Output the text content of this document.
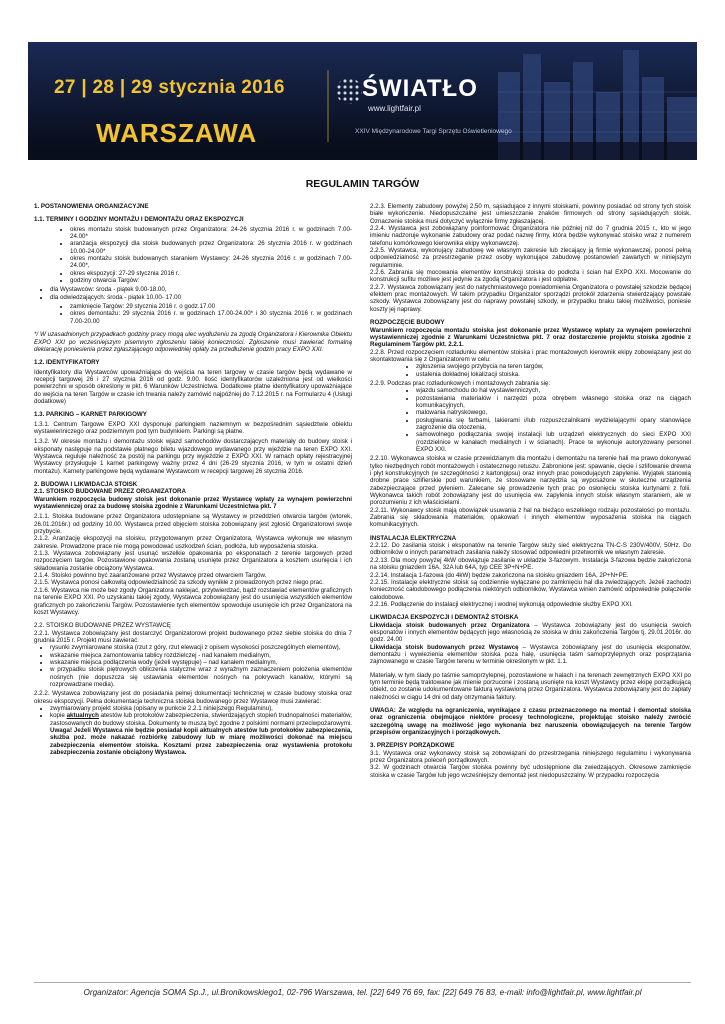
27 | 28 | 29 stycznia 2016
WARSZAWA
ŚWIATŁO
www.lightfair.pl
XXIV Międzynarodowe Targi Sprzętu Oświetleniowego
REGULAMIN TARGÓW

1. POSTANOWIENIA ORGANIZACYJNE

1.1. TERMINY I GODZINY MONTAŻU I DEMONTAŻU ORAZ EKSPOZYCJI

• okres montażu stoisk budowanych przez Organizatora: 24-26 stycznia 2016 r. w godzinach 7.00-24.00*
• aranżacja ekspozycji dla stoisk budowanych przez Organizatora: 26 stycznia 2016 r. w godzinach 10.00-24.00*
• okres montażu stoisk budowanych staraniem Wystawcy: 24-26 stycznia 2016 r. w godzinach 7.00-24.00*,
• okres ekspozycji: 27-29 stycznia 2016 r.
• godziny otwarcia Targów:
• dla Wystawców: środa - piątek 9.00-18.00,
• dla odwiedzających: środa - piątek 10.00- 17.00
• zamknięcie Targów: 29 stycznia 2016 r. o godz.17.00
• okres demontażu: 29 stycznia 2016 r. w godzinach 17.00-24.00* i 30 stycznia 2016 r. w godzinach 7.00-20.00

*/ W uzasadnionych przypadkach godziny pracy mogą ulec wydłużeniu za zgodą Organizatora i Kierownika Obiektu EXPO XXI po wcześniejszym pisemnym zgłoszeniu takiej konieczności. Zgłoszenie musi zawierać formalną deklarację poniesienia przez zgłaszającego odpowiedniej opłaty za przedłużenie godzin pracy EXPO XXI.

1.2. IDENTYFIKATORY

Identyfikatory dla Wystawców upoważniające do wejścia na teren targowy w czasie targów będą wydawane w recepcji targowej 26 i 27 stycznia 2016 od godz. 9.00. Ilość identyfikatorów uzależniona jest od wielkości powierzchni w sposób określony w pkt. 6 Warunków Uczestnictwa. Dodatkowe platne identyfikatory upoważniające do wejścia na teren Targów w czasie ich trwania należy zamówić najpóźniej do 7.12.2015 r. na Formularzu 4 (Usługi dodatkowe)

1.3. PARKING – KARNET PARKIGOWY

1.3.1. Centrum Targowe EXPO XXI dysponuje parkingiem naziemnym w bezpośrednim sąsiedztwie obiektu wystawienniczego oraz podziemnym pod tym budynkiem. Parkingi są płatne.

1.3.2. W okresie montażu i demontażu stoisk wjazd samochodów dostarczających materiały do budowy stoisk i eksponaty następuje na podstawie płatnego biletu wjazdowego wydawanego przy wjeździe na teren EXPO XXI. Wystawca reguluje należność za postój na parkingu przy wyjeździe z EXPO XXI. W ramach opłaty rejestracyjnej Wystawcy przysługuje 1 karnet parkingowy ważny przez 4 dni (26-29 stycznia 2016, w tym w ostatni dzień montażu). Karnety parkingowe będą wydawane Wystawcom w recepcji targowej 26 stycznia 2016.

2. BUDOWA I LIKWIDACJA STOISK

2.1. STOISKO BUDOWANE PRZEZ ORGANIZATORA

Warunkiem rozpoczęcia budowy stoisk jest dokonanie przez Wystawcę wpłaty za wynajem powierzchni wystawienniczej oraz za budowę stoiska zgodnie z Warunkami Uczestnictwa pkt. 7

2.1.1. Stoiska budowane przez Organizatora udostępniane są Wystawcy w przeddzień otwarcia targów (wtorek, 26.01.2016r.) od godziny 10.00. Wystawca przed objęciem stoiska zobowiązany jest zgłosić Organizatorowi swoje przybycie.

2.1.2. Aranżację ekspozycji na stoisku, przygotowanym przez Organizatora, Wystawca wykonuje we własnym zakresie. Prowadzone prace nie mogą powodować uszkodzeń ścian, podłoża, lub wyposażenia stoiska.

2.1.3. Wystawca zobowiązany jest usunąć wszelkie opakowania po eksponatach z terenie targowych przed rozpoczęciem targów. Pozostawione opakowania zostaną usunięte przez Organizatora a kosztem usunięcia i ich składowania zostanie obciążony Wystawca.

2.1.4. Stoisko powinno być zaaranżowane przez Wystawcę przed otwarciem Targów.

2.1.5. Wystawca ponosi całkowitą odpowiedzialność za szkody wynikłe z prowadzonych przez niego prac.

2.1.6. Wystawca nie może bez zgody Organizatora naklejać, przytwierdzać, bądź rozstawiać elementów graficznych na terenie EXPO XXI. Po uzyskaniu takiej zgody, Wystawca zobowiązany jest do usunięcia wszystkich elementów graficznych po zakończeniu Targów. Pozostawienie tych elementów spowoduje usunięcie ich przez Organizatora na koszt Wystawcy.

2.2. STOISKO BUDOWANE PRZEZ WYSTAWCĘ

2.2.1. Wystawca zobowiązany jest dostarczyć Organizatorowi projekt budowanego przez siebie stoiska do dnia 7 grudnia 2015 r. Projekt musi zawierać:

• rysunki zwymiarowane stoiska (rzut z góry, rzut elewacji z opisem wysokości poszczególnych elementów),
• wskazanie miejsca zamontowania tablicy rozdzielczej - nad kanałem medialnym,
• wskazanie miejsca podłączenia wody (jeżeli występuje) – nad kanałem medialnym,
• w przypadku stoisk piętrowych obliczenia statyczne wraz z wyraźnym zaznaczeniem położenia elementów nośnych (nie dopuszcza się ustawiania elementów nośnych na pokrywach kanałów, którymi są rozprowadzane media).

2.2.2. Wystawca zobowiązany jest do posiadania pełnej dokumentacji technicznej w czasie budowy stoiska oraz okresu ekspozycji. Pełna dokumentacja techniczna stoiska budowanego przez Wystawcę musi zawierać:

• zwymiarowany projekt stoiska (opisany w punkcie 2.2.1 niniejszego Regulaminu),
• kopie aktualnych atestów lub protokołów zabezpieczenia, stwierdzających stopień trudnopalności materiałów, zastosowanych do budowy stoiska. Dokumenty te muszą być zgodne z polskimi normami przeciwpożarowymi. Uwaga! Jeżeli Wystawca nie będzie posiadał kopii aktualnych atestów lub protokołów zabezpieczenia, służba poż. może nakazać rozbiórkę zabudowy lub w miarę możliwości dokonać na miejscu zabezpieczenia elementów stoiska. Kosztami przez zabezpieczenia oraz wystawienia protokołu zabezpieczenia zostanie obciążony Wystawca.

2.2.3. Elementy zabudowy powyżej 2,50 m, sąsiadujące z innymi stoiskami, powinny posiadać od strony tych stoisk białe wykończenie. Niedopuszczalne jest umieszczanie znaków firmowych od strony sąsiadujących stoisk. Oznaczenie stoiska musi dotyczyć wyłącznie firmy zgłaszającej.

2.2.4. Wystawca jest zobowiązany poinformować Organizatora nie później niż do 7 grudnia 2015 r., kto w jego imieniu nadzoruje wykonanie zabudowy oraz podać nazwę firmy, która będzie wykonywać stoisko wraz z numerem telefonu komórkowego kierownika ekipy wykonawczej.

2.2.5. Wystawca, wykonujący zabudowę we własnym zakresie lub zlecający ją firmie wykonawczej, ponosi pełną odpowiedzialność za przestrzeganie przez osoby wykonujące zabudowę postanowień zawartych w niniejszym regulaminie.

2.2.6. Zabrania się mocowania elementów konstrukcji stoiska do podłoża i ścian hal EXPO XXI. Mocowanie do konstrukcji sufitu możliwe jest jedynie za zgodą Organizatora i jest odpłatne.

2.2.7. Wystawca zobowiązany jest do natychmiastowego powiadomienia Organizatora o powstałej szkodzie będącej efektem prac montażowych. W takim przypadku Organizator sporządzi protokół zdarzenia stwierdzający powstałe szkody. Wystawca zobowiązany jest do naprawy powstałej szkody, w przypadku braku takiej możliwości, poniesie koszty jej naprawy.

ROZPOCZĘCIE BUDOWY

Warunkiem rozpoczęcia montażu stoiska jest dokonanie przez Wystawcę wpłaty za wynajem powierzchni wystawienniczej zgodnie z Warunkami Uczestnictwa pkt. 7 oraz dostarczenie projektu stoiska zgodnie z Regulaminem Targów pkt. 2.2.1.

2.2.8. Przed rozpoczęciem rozładunku elementów stoiska i prac montażowych kierownik ekipy zobowiązany jest do skontaktowania się z Organizatorem w celu:

• zgłoszenia swojego przybycia na teren targów,
• ustalenia dokładnej lokalizacji stoiska.

2.2.9. Podczas prac rozładunkowych i montażowych zabrania się:

• wjazdu samochodu do hal wystawienniczych,
• pozostawiania materiałów i narzędzi poza obrębem własnego stoiska oraz na ciągach komunikacyjnych,
• malowania natryskowego,
• posługiwania się farbami, lakierami i/lub rozpuszczalnikami wydzielającymi opary stanowiące zagrożenie dla otoczenia,
• samowolnego podłączania swojej instalacji lub urządzeń elektrycznych do sieci EXPO XXI (rozdzielnice w kanałach medialnych i w ścianach). Prace te wykonuje autoryzowany personel EXPO XXI.

2.2.10. Wykonawca stoiska w czasie przewidzianym dla montażu i demontażu na terenie hali ma prawo dokonywać tylko niezbędnych robót montażowych i ostatecznego retuszu. Zabronione jest: spawanie, cięcie i szlifowanie drewna i płyt konstrukcyjnych (w szczególności z kartongipsu) oraz innych prac powodujących zapylenie. Wyjątek stanowią drobne prace szlifierskie pod warunkiem, że stosowane narzędzia są wyposażone w skuteczne urządzenia zabezpieczające przed pyleniem. Zalecane się prowadzenie tych prac po osłonięciu stoiska kurtynami z folii. Wykonawca takich robót zobowiązany jest do usunięcia ew. zapylenia innych stoisk własnym staraniem, ale w porozumieniu z ich właścicielami.

2.2.11. Wykonawcy stoisk mają obowiązek usuwania z hal na bieżąco wszelkiego rodzaju pozostałości po montażu. Zabrania się składowania materiałów, opakowań i innych elementów wyposażenia stoiska na ciągach komunikacyjnych.

INSTALACJA ELEKTRYCZNA

2.2.12. Do zasilania stoisk i eksponatów na terenie Targów służy sieć elektryczna TN-C-S 230V/400V, 50Hz. Do odbiorników o innych parametrach zasilania należy stosować odpowiedni przetwornik we własnym zakresie.

2.2.13. Dla mocy powyżej 4kW obowiązuje zasilanie w układzie 3-fazowym. Instalacja 3-fazowa będzie zakończona na stoisku gniazdem 16A, 32A lub 64A, typ CEE 3P+N+PE.

2.2.14. Instalacja 1-fazowa (do 4kW) będzie zakończona na stoisku gniazdem 16A, 2P+N+PE.

2.2.15. Instalacje elektryczne stoisk są codziennie wyłączane po zamknięciu hal dla zwiedzających. Jeżeli zachodzi konieczność całodobowego podłączenia niektórych odbiorników, Wystawca winien zamówić odpowiednie połączenie całodobowe.

2.2.16. Podłączenie do instalacji elektrycznej i wodnej wykonują odpowiednie służby EXPO XXI.

LIKWIDACJA EKSPOZYCJI I DEMONTAŻ STOISKA

Likwidacja stoisk budowanych przez Organizatora – Wystawca zobowiązany jest do usunięcia swoich eksponatów i innych elementów będących jego własnością ze stoiska w dniu zakończenia Targów tj. 29.01.2016r. do godz. 24.00

Likwidacja stoisk budowanych przez Wystawcę – Wystawca zobowiązany jest do usunięcia eksponatów, demontażu i wywiezienia elementów stoiska poza halę, usunięcia taśm samoprzylepnych oraz posprzątania zajmowanego w czasie Targów terenu w terminie określonym w pkt. 1.1.

Materiały, w tym ślady po taśmie samoprzylepnej, pozostawione w halach i na terenach zewnętrznych EXPO XXI po tym terminie będą traktowane jak mienie porzucone i zostaną usunięte na koszt Wystawcy przez ekipę porządkującą obiekt, co zostanie udokumentowane fakturą wystawioną przez Organizatora. Wystawca zobowiązany jest do zapłaty należności w ciągu 14 dni od daty otrzymania faktury.

UWAGA: Ze względu na ograniczenia, wynikające z czasu przeznaczonego na montaż i demontaż stoiska oraz ograniczenia obejmujące niektóre procesy technologiczne, projektując stoisko należy zwrócić szczególną uwagę na możliwość jego wykonania bez naruszenia obowiązujących na terenie Targów przepisów organizacyjnych i porządkowych.

3. PRZEPISY PORZĄDKOWE

3.1. Wystawca oraz wykonawcy stoisk są zobowiązani do przestrzegania niniejszego regulaminu i wykonywania przez Organizatora poleceń porządkowych.

3.2. W godzinach otwarcia Targów stoiska powinny być udostępnione dla zwiedzających. Okresowe zamknięcie stoiska w czasie Targów lub jego wcześniejszy demontaż jest niedopuszczalny. W przypadku rozpoczęcia

Organizator: Agencja SOMA Sp.J., ul.Bronikowskiego1, 02-796 Warszawa, tel. [22] 649 76 69, fax: [22] 649 76 83, e-mail: info@lightfair.pl, www.lightfair.pl
